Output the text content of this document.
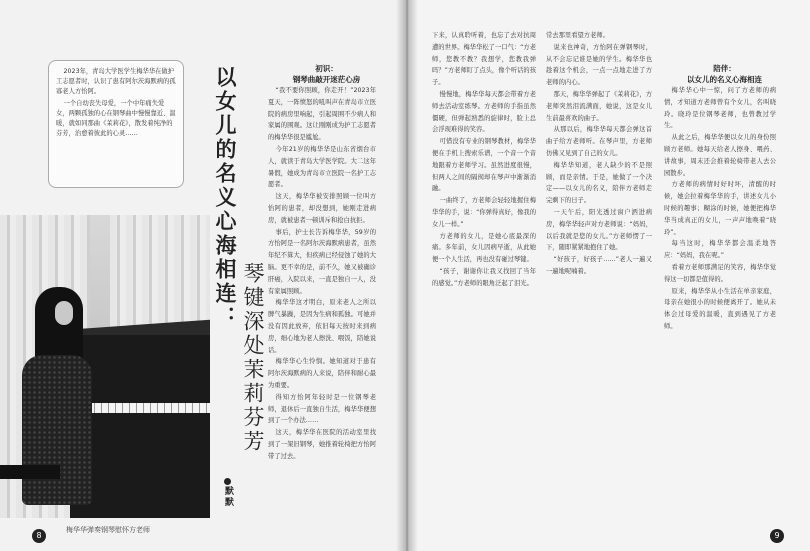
2023年，青岛大学医学生梅华华在做护工志愿者时，认识了患有阿尔茨海默病的孤寡老人方怡阿。

一个自幼丧失母爱，一个中年痛失爱女，两颗孤独的心在钢琴曲中慢慢靠近、温暖，就如同那曲《茉莉花》，散发着纯净的芬芳，治愈着彼此的心灵……	以女儿的名义心海相连：
琴键深处茉莉芬芳
默默

初识：

钢琴曲敲开迷茫心房

“我不要你照顾，你走开！”2023年夏天，一阵愤怒的吼叫声在青岛市立医院的病房里响起，引起周围不少病人和家属的围观。这让刚刚成为护工志愿者的梅华华很是尴尬。

今年21岁的梅华华是山东省烟台市人，就读于青岛大学医学院。大二这年暑假，她成为青岛市立医院一名护工志愿者。

这天，梅华华被安排照顾一位叫方怡阿的患者，却没想到，她刚走进病房，就被患者一顿训斥和抢白抗拒。

事后，护士长告诉梅华华，59岁的方怡阿是一名阿尔茨海默病患者，虽然年纪不算大，但疾病已经侵蚀了她的大脑。更不幸的是，前不久，她又被确诊肝癌，入院以来，一直是独自一人，没有家属照顾。

梅华华这才明白，原来老人之所以脾气暴躁，是因为生病和孤独。可她并没有因此放弃，依旧每天按时来到病房，细心地为老人擦洗、喂饭，陪她说话。

梅华华心生怜悯。她知道对于患有阿尔茨海默病的人来说，陪伴和耐心最为重要。

得知方怡阿年轻时是一位钢琴老师，退休后一直独自生活，梅华华便想到了一个办法……

这天，梅华华在医院的活动室里找到了一架旧钢琴，她推着轮椅把方怡阿带了过去。

8
梅华华弹奏钢琴慰怀方老师

下来，认真聆听着，也忘了去对抗周遭的世界。梅华华松了一口气：“方老师，您教不教？我想学，您教我弹吗？”方老师盯了点头，像个听话的孩子。

慢慢地，梅华华每天都会带着方老师去活动室练琴。方老师的手指虽然僵硬，但弹起熟悉的旋律时，脸上总会浮现难得的笑容。

可惜没有专业的钢琴教材，梅华华便在手机上搜索乐谱，一个音一个音地跟着方老师学习。虽然进度很慢，但两人之间的隔阂却在琴声中渐渐消融。

一曲终了，方老师会轻轻地握住梅华华的手，说：“你弹得真好，像我的女儿一样。”

方老师的女儿，是她心底最深的痛。多年前，女儿因病早逝，从此她便一个人生活，再也没有碰过琴键。

“孩子，谢谢你让我又找回了当年的感觉。”方老师的眼角泛起了泪光。

常去那里看望方老师。

说来也神奇，方怡阿在弹钢琴时，从不会忘记谁是她的学生。梅华华也趁着这个机会，一点一点地走进了方老师的内心。

那天，梅华华弹起了《茉莉花》，方老师突然泪流满面，她说，这是女儿生前最喜欢的曲子。

从那以后，梅华华每天都会弹这首曲子给方老师听。在琴声里，方老师仿佛又见到了自己的女儿。

梅华华知道，老人缺少的不是照顾，而是亲情。于是，她做了一个决定——以女儿的名义，陪伴方老师走完剩下的日子。

一天午后，阳光透过窗户洒进病房，梅华华轻声对方老师说：“妈妈，以后我就是您的女儿。”方老师愣了一下，随即紧紧地抱住了她。

“好孩子，好孩子……”老人一遍又一遍地呢喃着。

陪伴：

以女儿的名义心海相连

梅华华心中一惊，问了方老师的病情，才知道方老师曾有个女儿，名叫晓玲。晓玲是位钢琴老师，也曾教过学生。

从此之后，梅华华便以女儿的身份照顾方老师。她每天给老人擦身、喂药、讲故事，周末还会推着轮椅带老人去公园散步。

方老师的病情时好时坏，清醒的时候，她会拉着梅华华的手，讲述女儿小时候的趣事；糊涂的时候，她便把梅华华当成真正的女儿，一声声地唤着“晓玲”。

每当这时，梅华华都会温柔地答应：“妈妈，我在呢。”

看着方老师那满足的笑容，梅华华觉得这一切都是值得的。

原来，梅华华从小生活在单亲家庭，母亲在她很小的时候便离开了。她从未体会过母爱的温暖，直到遇见了方老师。

9
